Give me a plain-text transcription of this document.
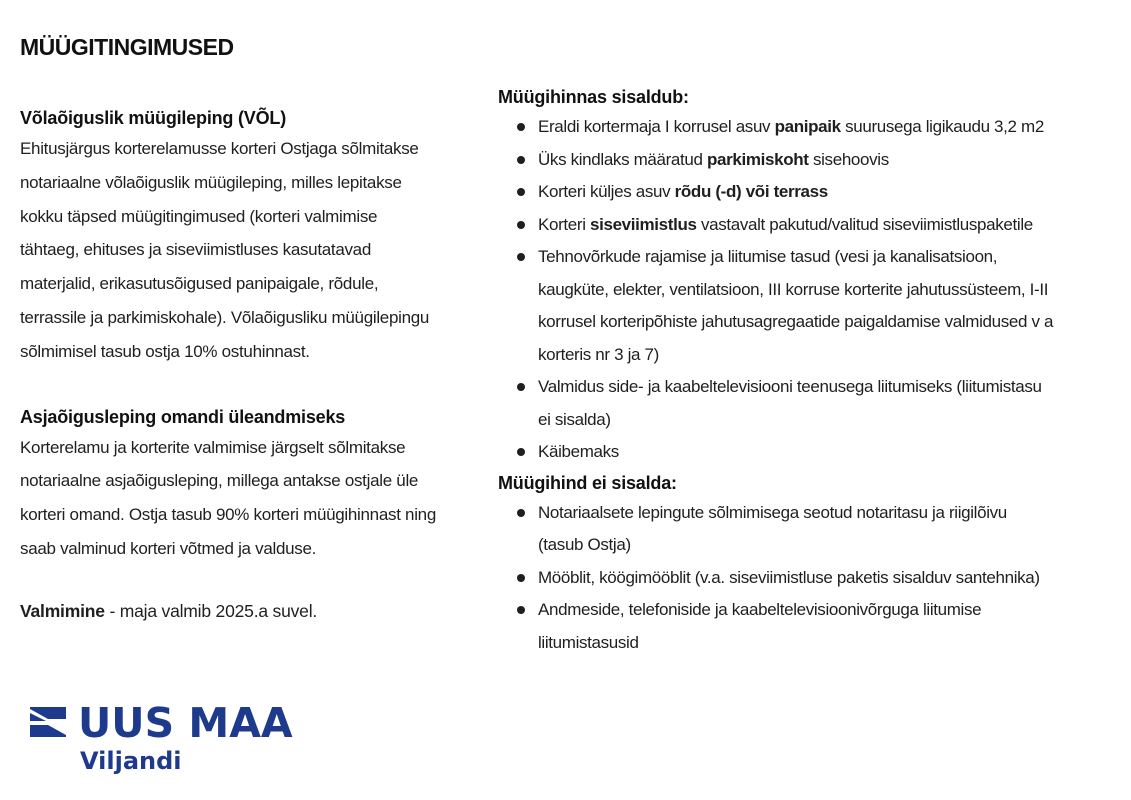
MÜÜGITINGIMUSED

Võlaõiguslik müügileping (VÕL)

Ehitusjärgus korterelamusse korteri Ostjaga sõlmitakse

notariaalne võlaõiguslik müügileping, milles lepitakse

kokku täpsed müügitingimused (korteri valmimise

tähtaeg, ehituses ja siseviimistluses kasutatavad

materjalid, erikasutusõigused panipaigale, rõdule,

terrassile ja parkimiskohale). Võlaõigusliku müügilepingu

sõlmimisel tasub ostja 10% ostuhinnast.

Asjaõigusleping omandi üleandmiseks

Korterelamu ja korterite valmimise järgselt sõlmitakse

notariaalne asjaõigusleping, millega antakse ostjale üle

korteri omand. Ostja tasub 90% korteri müügihinnast ning

saab valminud korteri võtmed ja valduse.

Valmimine - maja valmib 2025.a suvel.

Müügihinnas sisaldub:

Eraldi kortermaja I korrusel asuv panipaik suurusega ligikaudu 3,2 m2
Üks kindlaks määratud parkimiskoht sisehoovis
Korteri küljes asuv rõdu (-d) või terrass
Korteri siseviimistlus vastavalt pakutud/valitud siseviimistluspaketile
Tehnovõrkude rajamise ja liitumise tasud (vesi ja kanalisatsioon,
kaugküte, elekter, ventilatsioon, III korruse korterite jahutussüsteem, I-II
korrusel korteripõhiste jahutusagregaatide paigaldamise valmidused v a
korteris nr 3 ja 7)
Valmidus side- ja kaabeltelevisiooni teenusega liitumiseks (liitumistasu
ei sisalda)
Käibemaks

Müügihind ei sisalda:

Notariaalsete lepingute sõlmimisega seotud notaritasu ja riigilõivu
(tasub Ostja)
Mööblit, köögimööblit (v.a. siseviimistluse paketis sisalduv santehnika)
Andmeside, telefoniside ja kaabeltelevisioonivõrguga liitumise
liitumistasusid
UUS MAA
Viljandi
